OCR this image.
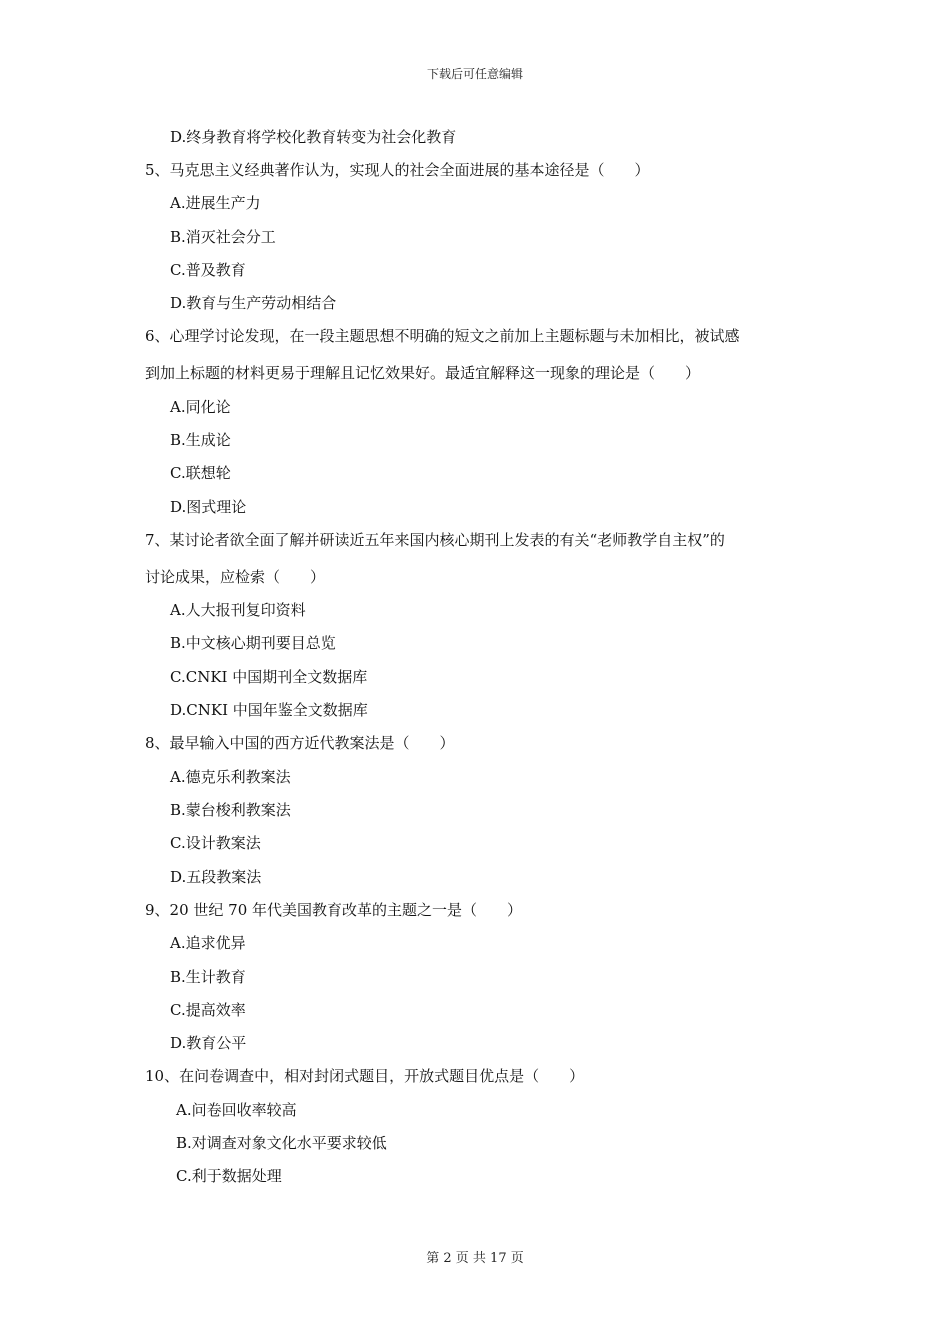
下载后可任意编辑
D.终身教育将学校化教育转变为社会化教育
5、马克思主义经典著作认为，实现人的社会全面进展的基本途径是（　　）
A.进展生产力
B.消灭社会分工
C.普及教育
D.教育与生产劳动相结合
6、心理学讨论发现，在一段主题思想不明确的短文之前加上主题标题与未加相比，被试感
到加上标题的材料更易于理解且记忆效果好。最适宜解释这一现象的理论是（　　）
A.同化论
B.生成论
C.联想轮
D.图式理论
7、某讨论者欲全面了解并研读近五年来国内核心期刊上发表的有关“老师教学自主权”的
讨论成果，应检索（　　）
A.人大报刊复印资料
B.中文核心期刊要目总览
C.CNKI 中国期刊全文数据库
D.CNKI 中国年鉴全文数据库
8、最早输入中国的西方近代教案法是（　　）
A.德克乐利教案法
B.蒙台梭利教案法
C.设计教案法
D.五段教案法
9、20 世纪 70 年代美国教育改革的主题之一是（　　）
A.追求优异
B.生计教育
C.提高效率
D.教育公平
10、在问卷调查中，相对封闭式题目，开放式题目优点是（　　）
A.问卷回收率较高
B.对调查对象文化水平要求较低
C.利于数据处理
第 2 页 共 17 页
